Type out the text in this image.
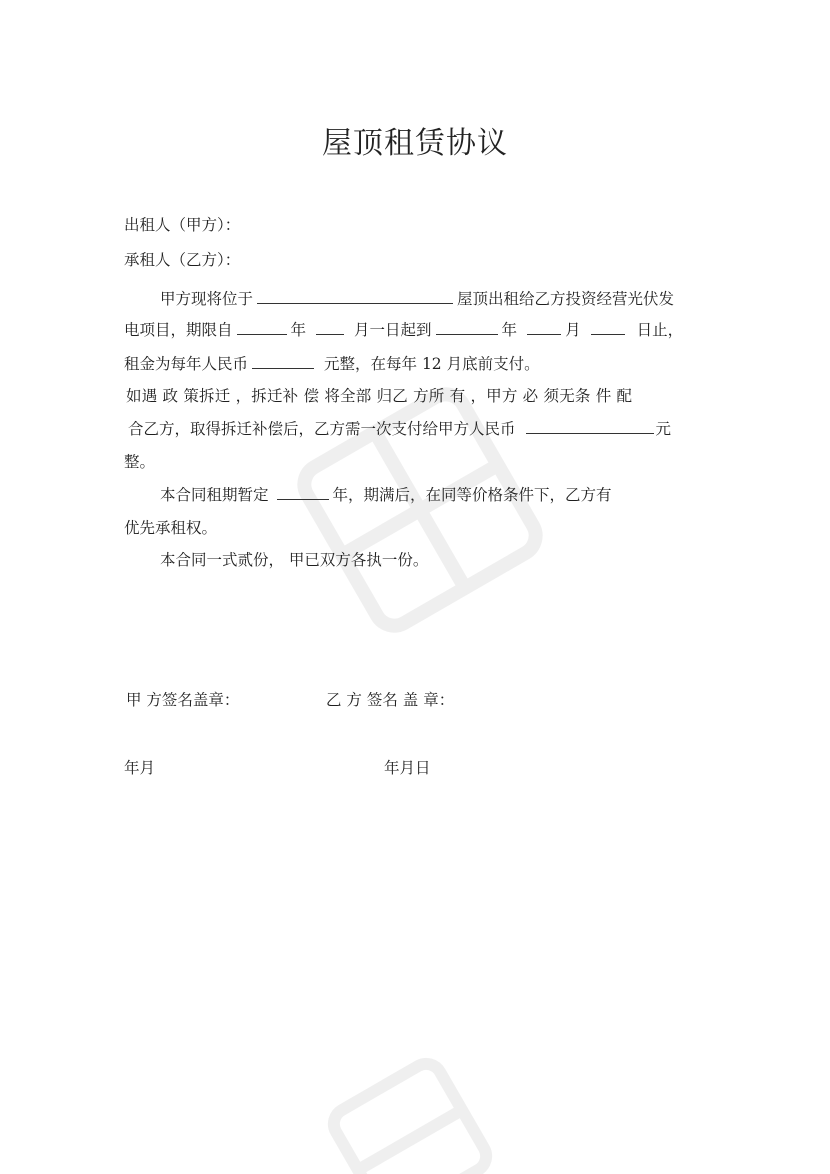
屋顶租赁协议
出租人（甲方）：
承租人（乙方）：
甲方现将位于	屋顶出租给乙方投资经营光伏发
电项目，期限自	年	月一日起到	年	月	日止，
租金为每年人民币	元整，在每年 12 月底前支付。
如遇 政 策拆迁 ，拆迁补 偿 将全部 归乙 方所 有 ，甲方 必 须无条 件 配
合乙方，取得拆迁补偿后，乙方需一次支付给甲方人民币	元
整。
本合同租期暂定	年，期满后，在同等价格条件下，乙方有
优先承租权。
本合同一式贰份， 甲已双方各执一份。
甲 方签名盖章：	乙 方 签名 盖 章：
年月	年月日
